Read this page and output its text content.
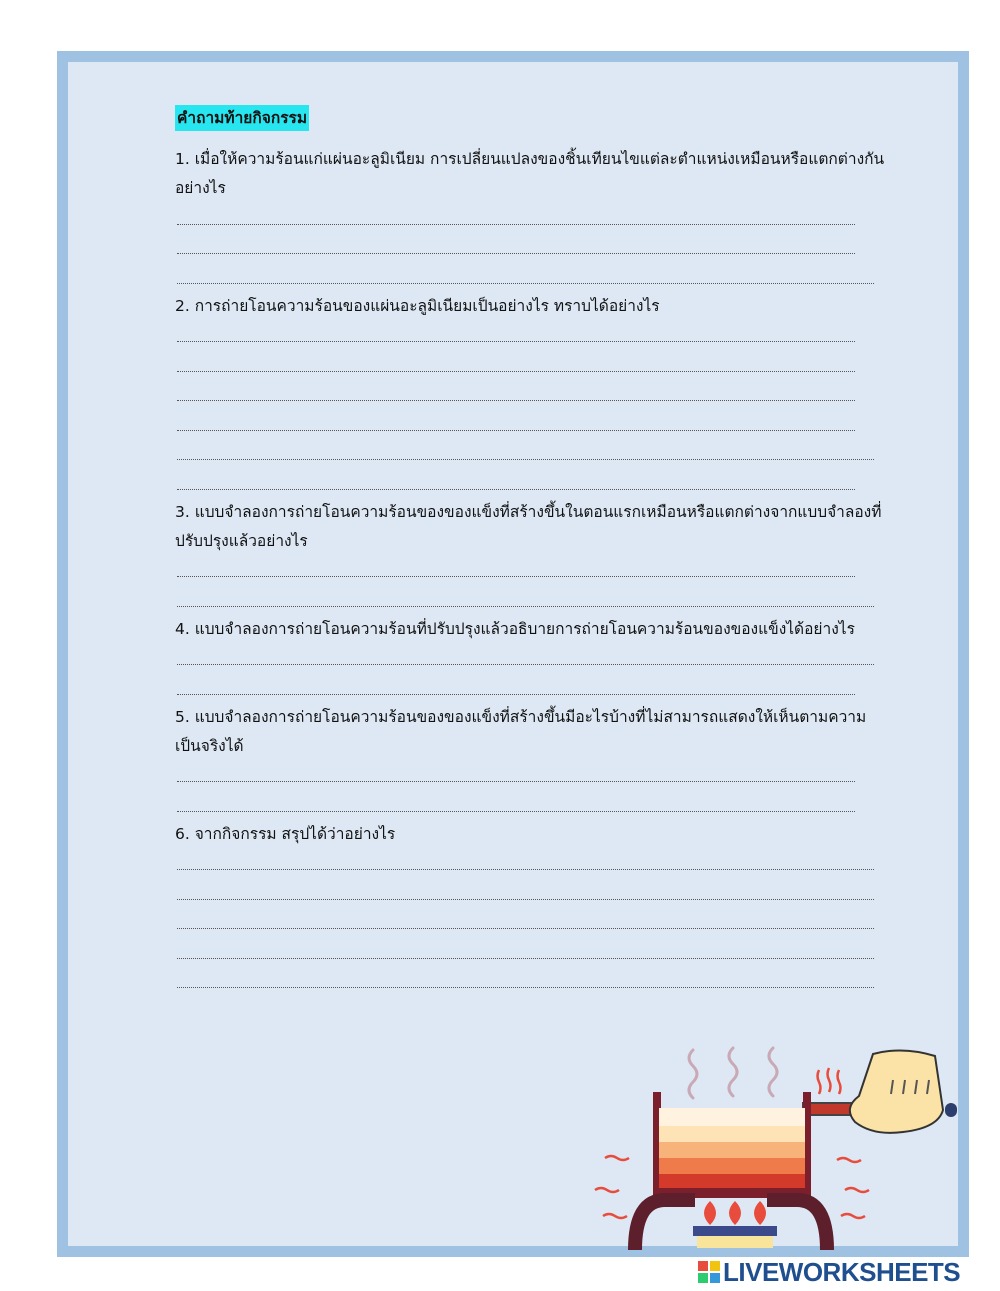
คำถามท้ายกิจกรรม
1. เมื่อให้ความร้อนแก่แผ่นอะลูมิเนียม การเปลี่ยนแปลงของชิ้นเทียนไขแต่ละตำแหน่งเหมือนหรือแตกต่างกันอย่างไร
2. การถ่ายโอนความร้อนของแผ่นอะลูมิเนียมเป็นอย่างไร ทราบได้อย่างไร
3. แบบจำลองการถ่ายโอนความร้อนของของแข็งที่สร้างขึ้นในตอนแรกเหมือนหรือแตกต่างจากแบบจำลองที่ปรับปรุงแล้วอย่างไร
4. แบบจำลองการถ่ายโอนความร้อนที่ปรับปรุงแล้วอธิบายการถ่ายโอนความร้อนของของแข็งได้อย่างไร
5. แบบจำลองการถ่ายโอนความร้อนของของแข็งที่สร้างขึ้นมีอะไรบ้างที่ไม่สามารถแสดงให้เห็นตามความเป็นจริงได้
6. จากกิจกรรม สรุปได้ว่าอย่างไร
LIVEWORKSHEETS
